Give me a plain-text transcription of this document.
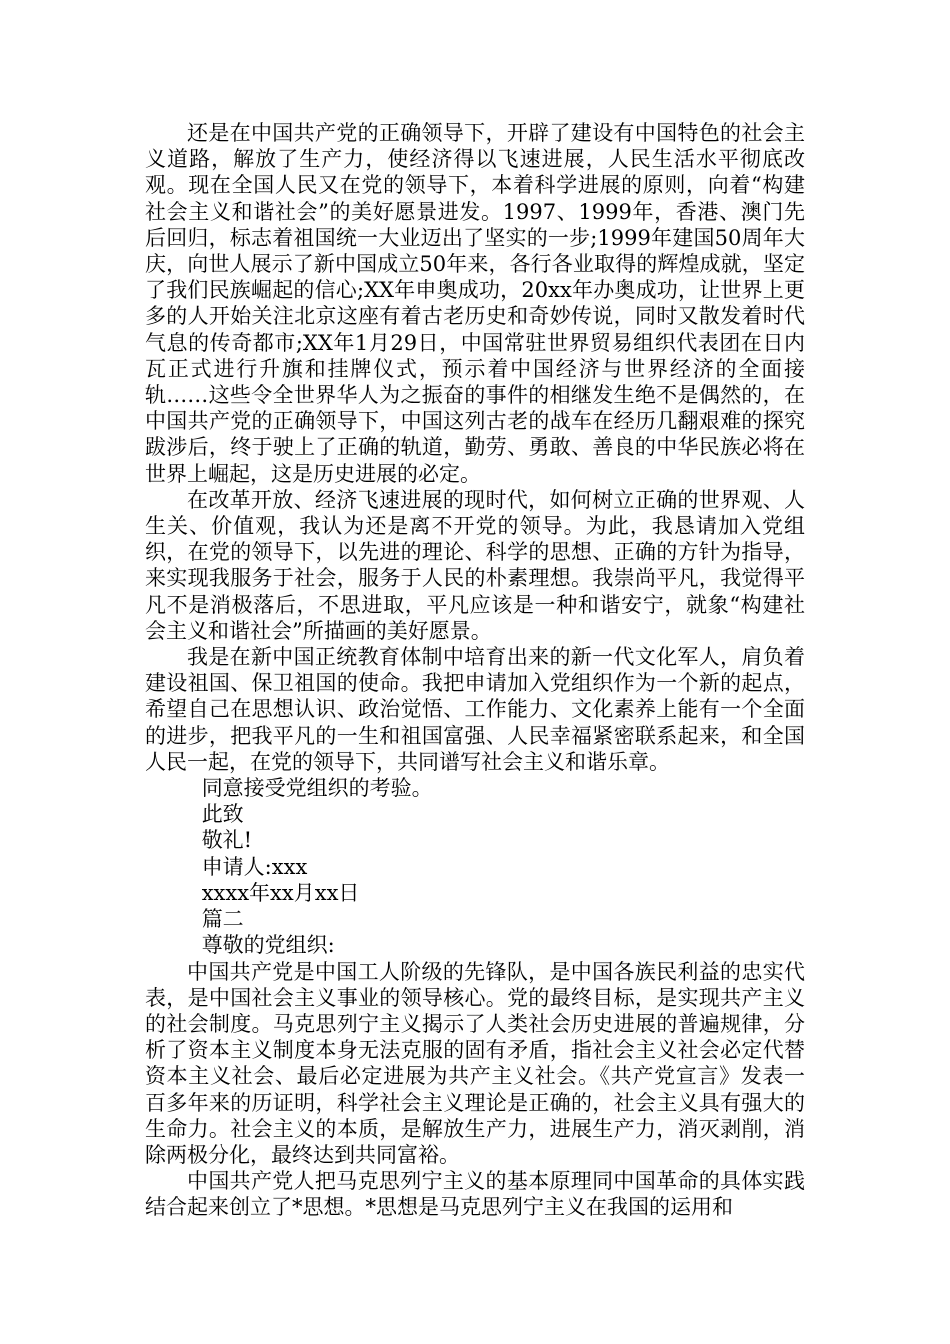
还是在中国共产党的正确领导下，开辟了建设有中国特色的社会主义道路，解放了生产力，使经济得以飞速进展，人民生活水平彻底改观。现在全国人民又在党的领导下，本着科学进展的原则，向着“构建社会主义和谐社会”的美好愿景进发。1997、1999年，香港、澳门先后回归，标志着祖国统一大业迈出了坚实的一步;1999年建国50周年大庆，向世人展示了新中国成立50年来，各行各业取得的辉煌成就，坚定了我们民族崛起的信心;XX年申奥成功，20xx年办奥成功，让世界上更多的人开始关注北京这座有着古老历史和奇妙传说，同时又散发着时代气息的传奇都市;XX年1月29日，中国常驻世界贸易组织代表团在日内瓦正式进行升旗和挂牌仪式，预示着中国经济与世界经济的全面接轨……这些令全世界华人为之振奋的事件的相继发生绝不是偶然的，在中国共产党的正确领导下，中国这列古老的战车在经历几翻艰难的探究跋涉后，终于驶上了正确的轨道，勤劳、勇敢、善良的中华民族必将在世界上崛起，这是历史进展的必定。

在改革开放、经济飞速进展的现时代，如何树立正确的世界观、人生关、价值观，我认为还是离不开党的领导。为此，我恳请加入党组织，在党的领导下，以先进的理论、科学的思想、正确的方针为指导，来实现我服务于社会，服务于人民的朴素理想。我崇尚平凡，我觉得平凡不是消极落后，不思进取，平凡应该是一种和谐安宁，就象“构建社会主义和谐社会”所描画的美好愿景。

我是在新中国正统教育体制中培育出来的新一代文化军人，肩负着建设祖国、保卫祖国的使命。我把申请加入党组织作为一个新的起点，希望自己在思想认识、政治觉悟、工作能力、文化素养上能有一个全面的进步，把我平凡的一生和祖国富强、人民幸福紧密联系起来，和全国人民一起，在党的领导下，共同谱写社会主义和谐乐章。

同意接受党组织的考验。

此致

敬礼!

申请人:xxx

xxxx年xx月xx日

篇二

尊敬的党组织:

中国共产党是中国工人阶级的先锋队，是中国各族民利益的忠实代表，是中国社会主义事业的领导核心。党的最终目标，是实现共产主义的社会制度。马克思列宁主义揭示了人类社会历史进展的普遍规律，分析了资本主义制度本身无法克服的固有矛盾，指社会主义社会必定代替资本主义社会、最后必定进展为共产主义社会。《共产党宣言》发表一百多年来的历证明，科学社会主义理论是正确的，社会主义具有强大的生命力。社会主义的本质，是解放生产力，进展生产力，消灭剥削，消除两极分化，最终达到共同富裕。

中国共产党人把马克思列宁主义的基本原理同中国革命的具体实践结合起来创立了*思想。*思想是马克思列宁主义在我国的运用和
